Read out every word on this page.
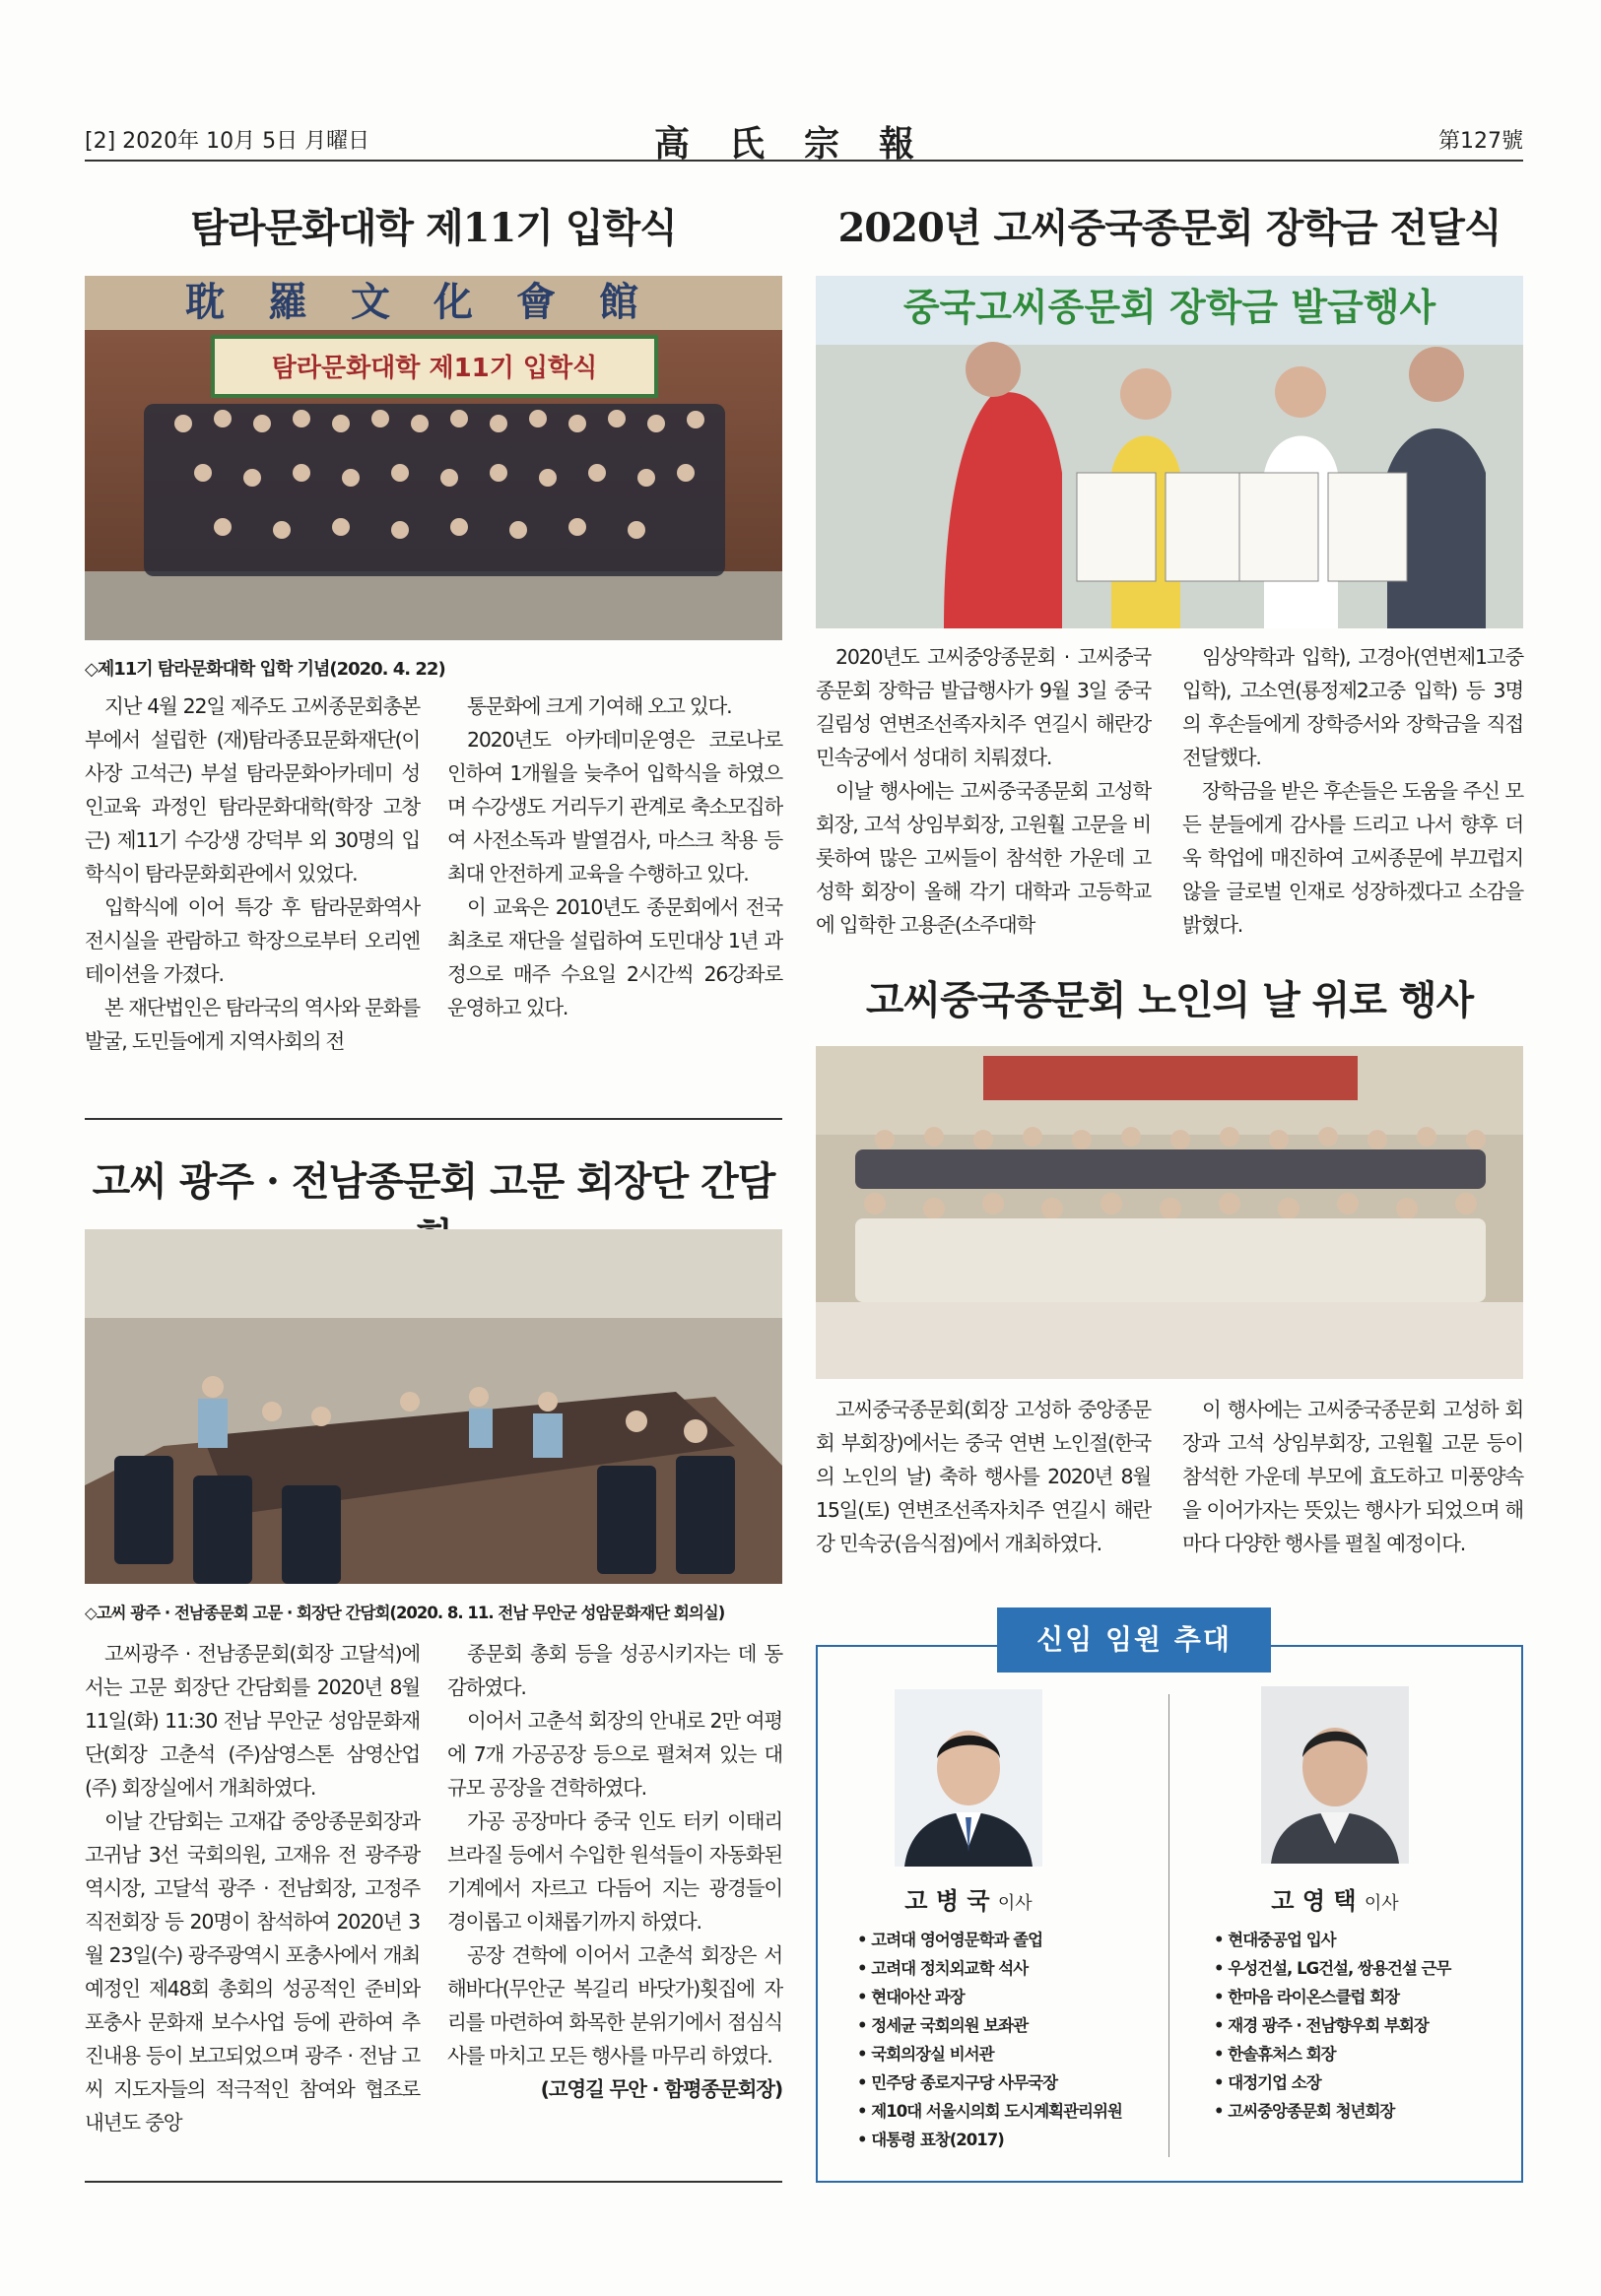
[2] 2020年 10月 5日 月曜日	高氏宗報	第127號
탐라문화대학 제11기 입학식
耽羅文化會館
탐라문화대학 제11기 입학식
◇제11기 탐라문화대학 입학 기념(2020. 4. 22)

지난 4월 22일 제주도 고씨종문회총본부에서 설립한 (재)탐라종묘문화재단(이사장 고석근) 부설 탐라문화아카데미 성인교육 과정인 탐라문화대학(학장 고창근) 제11기 수강생 강덕부 외 30명의 입학식이 탐라문화회관에서 있었다.

입학식에 이어 특강 후 탐라문화역사 전시실을 관람하고 학장으로부터 오리엔테이션을 가졌다.

본 재단법인은 탐라국의 역사와 문화를 발굴, 도민들에게 지역사회의 전

통문화에 크게 기여해 오고 있다.

2020년도 아카데미운영은 코로나로 인하여 1개월을 늦추어 입학식을 하였으며 수강생도 거리두기 관계로 축소모집하여 사전소독과 발열검사, 마스크 착용 등 최대 안전하게 교육을 수행하고 있다.

이 교육은 2010년도 종문회에서 전국 최초로 재단을 설립하여 도민대상 1년 과정으로 매주 수요일 2시간씩 26강좌로 운영하고 있다.

고씨 광주 · 전남종문회 고문 회장단 간담
◇고씨 광주 · 전남종문회 고문 · 회장단 간담회(2020. 8. 11. 전남 무안군 성암문화재단 회의실)

고씨광주 · 전남종문회(회장 고달석)에서는 고문 회장단 간담회를 2020년 8월 11일(화) 11:30 전남 무안군 성암문화재단(회장 고춘석 (주)삼영스톤 삼영산업(주) 회장실에서 개최하였다.

이날 간담회는 고재갑 중앙종문회장과 고귀남 3선 국회의원, 고재유 전 광주광역시장, 고달석 광주 · 전남회장, 고정주 직전회장 등 20명이 참석하여 2020년 3월 23일(수) 광주광역시 포충사에서 개최 예정인 제48회 총회의 성공적인 준비와 포충사 문화재 보수사업 등에 관하여 추진내용 등이 보고되었으며 광주 · 전남 고씨 지도자들의 적극적인 참여와 협조로 내년도 중앙

종문회 총회 등을 성공시키자는 데 동감하였다.

이어서 고춘석 회장의 안내로 2만 여평에 7개 가공공장 등으로 펼쳐져 있는 대규모 공장을 견학하였다.

가공 공장마다 중국 인도 터키 이태리 브라질 등에서 수입한 원석들이 자동화된 기계에서 자르고 다듬어 지는 광경들이 경이롭고 이채롭기까지 하였다.

공장 견학에 이어서 고춘석 회장은 서해바다(무안군 복길리 바닷가)횟집에 자리를 마련하여 화목한 분위기에서 점심식사를 마치고 모든 행사를 마무리 하였다.

(고영길 무안 · 함평종문회장)

2020년 고씨중국종문회 장학금 전달식
중국고씨종문회 장학금 발급행사

2020년도 고씨중앙종문회 · 고씨중국종문회 장학금 발급행사가 9월 3일 중국 길림성 연변조선족자치주 연길시 해란강 민속궁에서 성대히 치뤄졌다.

이날 행사에는 고씨중국종문회 고성학 회장, 고석 상임부회장, 고원훨 고문을 비롯하여 많은 고씨들이 참석한 가운데 고성학 회장이 올해 각기 대학과 고등학교에 입학한 고용준(소주대학

임상약학과 입학), 고경아(연변제1고중 입학), 고소연(룡정제2고중 입학) 등 3명의 후손들에게 장학증서와 장학금을 직접 전달했다.

장학금을 받은 후손들은 도움을 주신 모든 분들에게 감사를 드리고 나서 향후 더욱 학업에 매진하여 고씨종문에 부끄럽지 않을 글로벌 인재로 성장하겠다고 소감을 밝혔다.

고씨중국종문회 노인의 날 위로 행사

고씨중국종문회(회장 고성하 중앙종문회 부회장)에서는 중국 연변 노인절(한국의 노인의 날) 축하 행사를 2020년 8월 15일(토) 연변조선족자치주 연길시 해란강 민속궁(음식점)에서 개최하였다.

이 행사에는 고씨중국종문회 고성하 회장과 고석 상임부회장, 고원훨 고문 등이 참석한 가운데 부모에 효도하고 미풍양속을 이어가자는 뜻있는 행사가 되었으며 해마다 다양한 행사를 펼칠 예정이다.

신임 임원 추대
고 병 국 이사
• 고려대 영어영문학과 졸업
• 고려대 정치외교학 석사
• 현대아산 과장
• 정세균 국회의원 보좌관
• 국회의장실 비서관
• 민주당 종로지구당 사무국장
• 제10대 서울시의회 도시계획관리위원
• 대통령 표창(2017)
고 영 택 이사
• 현대중공업 입사
• 우성건설, LG건설, 쌍용건설 근무
• 한마음 라이온스클럽 회장
• 재경 광주 · 전남향우회 부회장
• 한솔휴처스 회장
• 대정기업 소장
• 고씨중앙종문회 청년회장
